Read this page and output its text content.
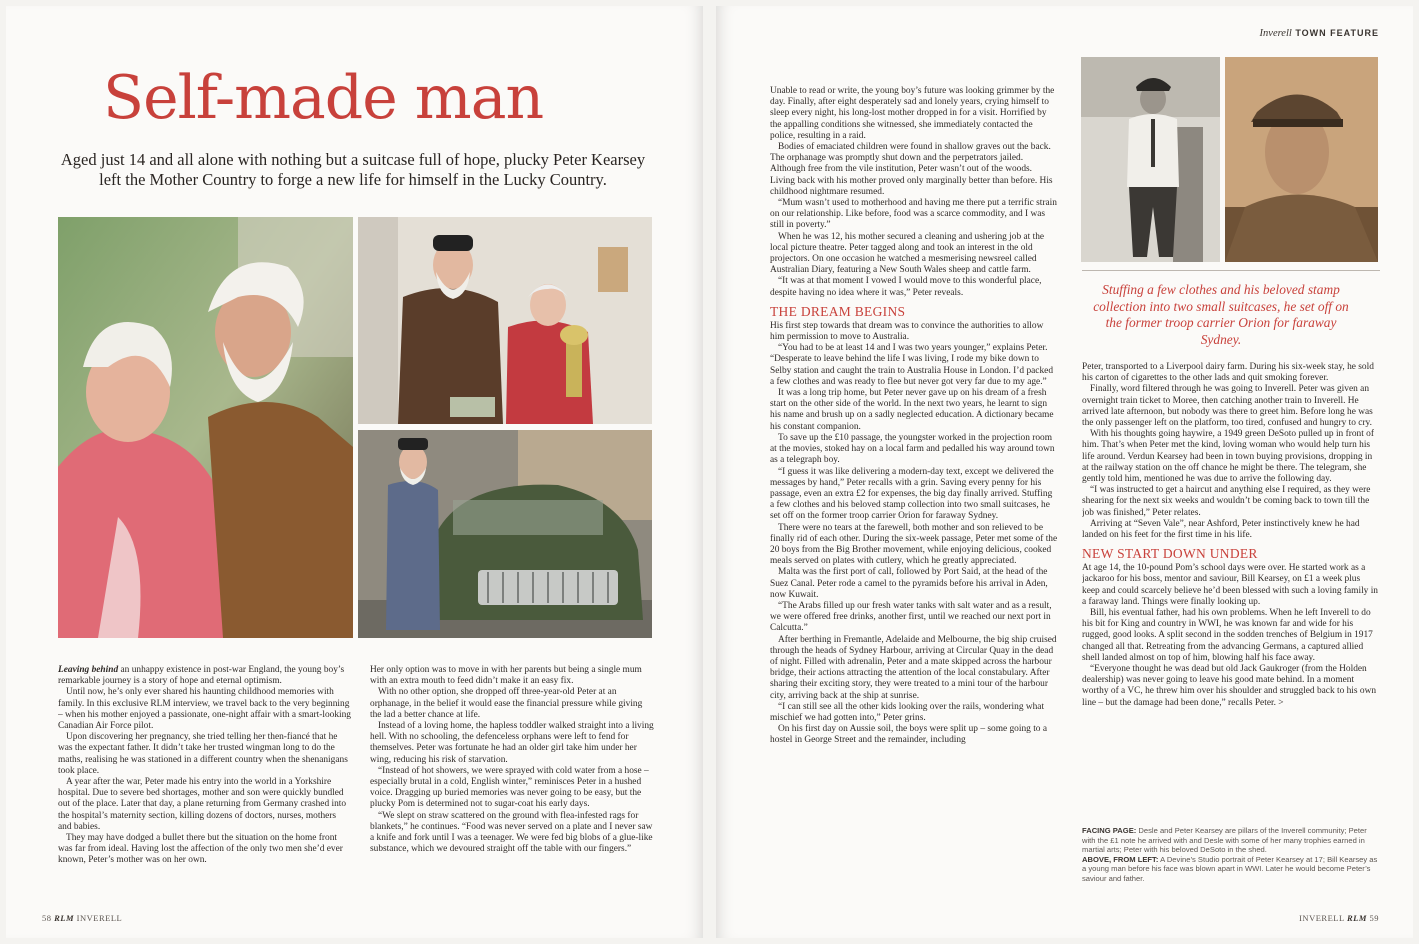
Self-made man

Aged just 14 and all alone with nothing but a suitcase full of hope, plucky Peter Kearsey left the Mother Country to forge a new life for himself in the Lucky Country.

Leaving behind an unhappy existence in post-war England, the young boy’s remarkable journey is a story of hope and eternal optimism.

Until now, he’s only ever shared his haunting childhood memories with family. In this exclusive RLM interview, we travel back to the very beginning – when his mother enjoyed a passionate, one-night affair with a smart-looking Canadian Air Force pilot.

Upon discovering her pregnancy, she tried telling her then-fiancé that he was the expectant father. It didn’t take her trusted wingman long to do the maths, realising he was stationed in a different country when the shenanigans took place.

A year after the war, Peter made his entry into the world in a Yorkshire hospital. Due to severe bed shortages, mother and son were quickly bundled out of the place. Later that day, a plane returning from Germany crashed into the hospital’s maternity section, killing dozens of doctors, nurses, mothers and babies.

They may have dodged a bullet there but the situation on the home front was far from ideal. Having lost the affection of the only two men she’d ever known, Peter’s mother was on her own.

Her only option was to move in with her parents but being a single mum with an extra mouth to feed didn’t make it an easy fix.

With no other option, she dropped off three-year-old Peter at an orphanage, in the belief it would ease the financial pressure while giving the lad a better chance at life.

Instead of a loving home, the hapless toddler walked straight into a living hell. With no schooling, the defenceless orphans were left to fend for themselves. Peter was fortunate he had an older girl take him under her wing, reducing his risk of starvation.

“Instead of hot showers, we were sprayed with cold water from a hose – especially brutal in a cold, English winter,” reminisces Peter in a hushed voice. Dragging up buried memories was never going to be easy, but the plucky Pom is determined not to sugar-coat his early days.

“We slept on straw scattered on the ground with flea-infested rags for blankets,” he continues. “Food was never served on a plate and I never saw a knife and fork until I was a teenager. We were fed big blobs of a glue-like substance, which we devoured straight off the table with our fingers.”

Inverell TOWN FEATURE

Unable to read or write, the young boy’s future was looking grimmer by the day. Finally, after eight desperately sad and lonely years, crying himself to sleep every night, his long-lost mother dropped in for a visit. Horrified by the appalling conditions she witnessed, she immediately contacted the police, resulting in a raid.

Bodies of emaciated children were found in shallow graves out the back. The orphanage was promptly shut down and the perpetrators jailed. Although free from the vile institution, Peter wasn’t out of the woods. Living back with his mother proved only marginally better than before. His childhood nightmare resumed.

“Mum wasn’t used to motherhood and having me there put a terrific strain on our relationship. Like before, food was a scarce commodity, and I was still in poverty.”

When he was 12, his mother secured a cleaning and ushering job at the local picture theatre. Peter tagged along and took an interest in the old projectors. On one occasion he watched a mesmerising newsreel called Australian Diary, featuring a New South Wales sheep and cattle farm.

“It was at that moment I vowed I would move to this wonderful place, despite having no idea where it was,” Peter reveals.

THE DREAM BEGINS

His first step towards that dream was to convince the authorities to allow him permission to move to Australia.

“You had to be at least 14 and I was two years younger,” explains Peter. “Desperate to leave behind the life I was living, I rode my bike down to Selby station and caught the train to Australia House in London. I’d packed a few clothes and was ready to flee but never got very far due to my age.”

It was a long trip home, but Peter never gave up on his dream of a fresh start on the other side of the world. In the next two years, he learnt to sign his name and brush up on a sadly neglected education. A dictionary became his constant companion.

To save up the £10 passage, the youngster worked in the projection room at the movies, stoked hay on a local farm and pedalled his way around town as a telegraph boy.

“I guess it was like delivering a modern-day text, except we delivered the messages by hand,” Peter recalls with a grin. Saving every penny for his passage, even an extra £2 for expenses, the big day finally arrived. Stuffing a few clothes and his beloved stamp collection into two small suitcases, he set off on the former troop carrier Orion for faraway Sydney.

There were no tears at the farewell, both mother and son relieved to be finally rid of each other. During the six-week passage, Peter met some of the 20 boys from the Big Brother movement, while enjoying delicious, cooked meals served on plates with cutlery, which he greatly appreciated.

Malta was the first port of call, followed by Port Said, at the head of the Suez Canal. Peter rode a camel to the pyramids before his arrival in Aden, now Kuwait.

“The Arabs filled up our fresh water tanks with salt water and as a result, we were offered free drinks, another first, until we reached our next port in Calcutta.”

After berthing in Fremantle, Adelaide and Melbourne, the big ship cruised through the heads of Sydney Harbour, arriving at Circular Quay in the dead of night. Filled with adrenalin, Peter and a mate skipped across the harbour bridge, their actions attracting the attention of the local constabulary. After sharing their exciting story, they were treated to a mini tour of the harbour city, arriving back at the ship at sunrise.

“I can still see all the other kids looking over the rails, wondering what mischief we had gotten into,” Peter grins.

On his first day on Aussie soil, the boys were split up – some going to a hostel in George Street and the remainder, including

Stuffing a few clothes and his beloved stamp collection into two small suitcases, he set off on the former troop carrier Orion for faraway Sydney.

Peter, transported to a Liverpool dairy farm. During his six-week stay, he sold his carton of cigarettes to the other lads and quit smoking forever.

Finally, word filtered through he was going to Inverell. Peter was given an overnight train ticket to Moree, then catching another train to Inverell. He arrived late afternoon, but nobody was there to greet him. Before long he was the only passenger left on the platform, too tired, confused and hungry to cry.

With his thoughts going haywire, a 1949 green DeSoto pulled up in front of him. That’s when Peter met the kind, loving woman who would help turn his life around. Verdun Kearsey had been in town buying provisions, dropping in at the railway station on the off chance he might be there. The telegram, she gently told him, mentioned he was due to arrive the following day.

“I was instructed to get a haircut and anything else I required, as they were shearing for the next six weeks and wouldn’t be coming back to town till the job was finished,” Peter relates.

Arriving at “Seven Vale”, near Ashford, Peter instinctively knew he had landed on his feet for the first time in his life.

NEW START DOWN UNDER

At age 14, the 10-pound Pom’s school days were over. He started work as a jackaroo for his boss, mentor and saviour, Bill Kearsey, on £1 a week plus keep and could scarcely believe he’d been blessed with such a loving family in a faraway land. Things were finally looking up.

Bill, his eventual father, had his own problems. When he left Inverell to do his bit for King and country in WWI, he was known far and wide for his rugged, good looks. A split second in the sodden trenches of Belgium in 1917 changed all that. Retreating from the advancing Germans, a captured allied shell landed almost on top of him, blowing half his face away.

“Everyone thought he was dead but old Jack Gaukroger (from the Holden dealership) was never going to leave his good mate behind. In a moment worthy of a VC, he threw him over his shoulder and struggled back to his own line – but the damage had been done,” recalls Peter. >

FACING PAGE: Desle and Peter Kearsey are pillars of the Inverell community; Peter with the £1 note he arrived with and Desle with some of her many trophies earned in martial arts; Peter with his beloved DeSoto in the shed.

ABOVE, FROM LEFT: A Devine’s Studio portrait of Peter Kearsey at 17; Bill Kearsey as a young man before his face was blown apart in WWI. Later he would become Peter’s saviour and father.

58 RLM INVERELL	INVERELL RLM 59
